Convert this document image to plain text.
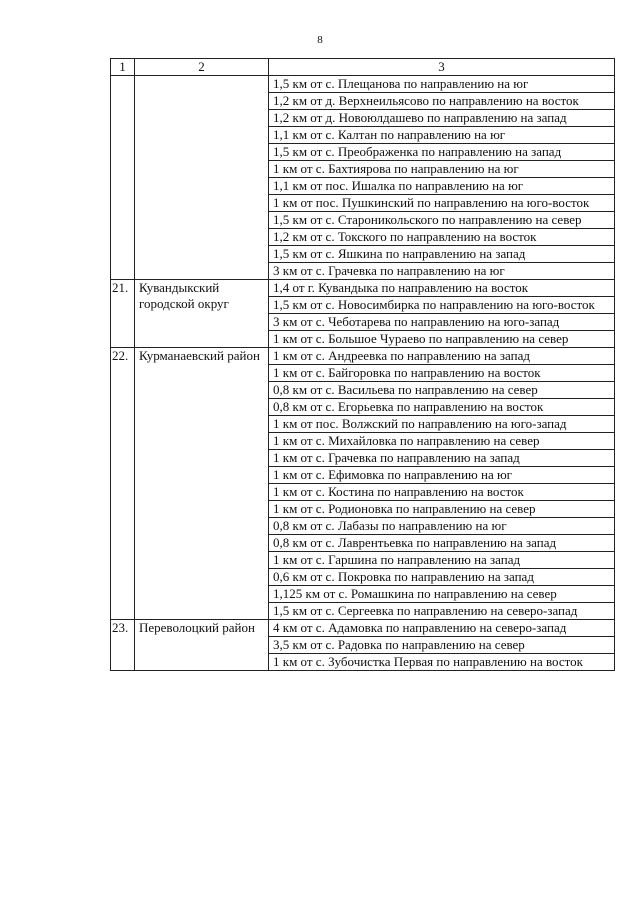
8
1	2	3
		1,5 км от с. Плещанова по направлению на юг
		1,2 км от д. Верхнеильясово по направлению на восток
		1,2 км от д. Новоюлдашево по направлению на запад
		1,1 км от с. Калтан по направлению на юг
		1,5 км от с. Преображенка по направлению на запад
		1 км от с. Бахтиярова по направлению на юг
		1,1 км от пос. Ишалка по направлению на юг
		1 км от пос. Пушкинский по направлению на юго-восток
		1,5 км от с. Староникольского по направлению на север
		1,2 км от с. Токского по направлению на восток
		1,5 км от с. Яшкина по направлению на запад
		3 км от с. Грачевка по направлению на юг
21.	Кувандыкский городской округ	1,4 от г. Кувандыка по направлению на восток
		1,5 км от с. Новосимбирка по направлению на юго-восток
		3 км от с. Чеботарева по направлению на юго-запад
		1 км от с. Большое Чураево по направлению на север
22.	Курманаевский район	1 км от с. Андреевка по направлению на запад
		1 км от с. Байгоровка по направлению на восток
		0,8 км от с. Васильева по направлению на север
		0,8 км от с. Егорьевка по направлению на восток
		1 км от пос. Волжский по направлению на юго-запад
		1 км от с. Михайловка по направлению на север
		1 км от с. Грачевка по направлению на запад
		1 км от с. Ефимовка по направлению на юг
		1 км от с. Костина по направлению на восток
		1 км от с. Родионовка по направлению на север
		0,8 км от с. Лабазы по направлению на юг
		0,8 км от с. Лаврентьевка по направлению на запад
		1 км от с. Гаршина по направлению на запад
		0,6 км от с. Покровка по направлению на запад
		1,125 км от с. Ромашкина по направлению на север
		1,5 км от с. Сергеевка по направлению на северо-запад
23.	Переволоцкий район	4 км от с. Адамовка по направлению на северо-запад
		3,5 км от с. Радовка по направлению на север
		1 км от с. Зубочистка Первая по направлению на восток
